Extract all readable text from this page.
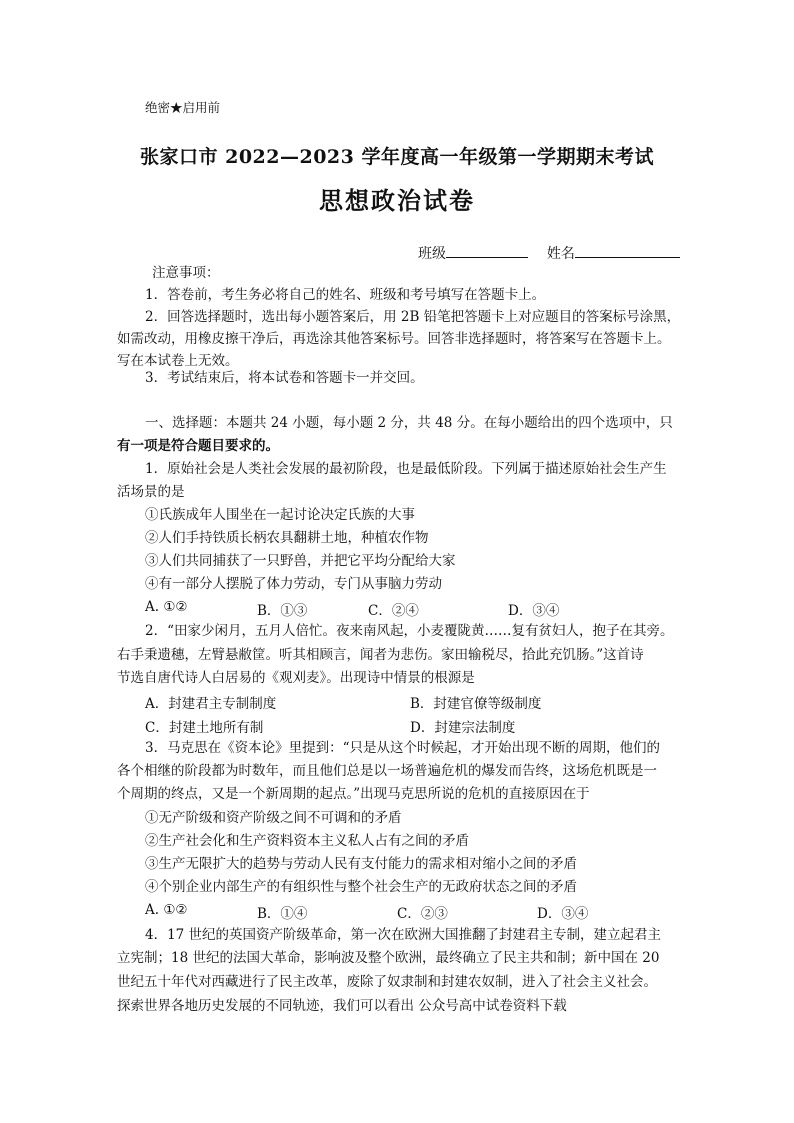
绝密★启用前
张家口市 2022—2023 学年度高一年级第一学期期末考试
思想政治试卷
班级	姓名
注意事项：
1．答卷前，考生务必将自己的姓名、班级和考号填写在答题卡上。
2．回答选择题时，选出每小题答案后，用 2B 铅笔把答题卡上对应题目的答案标号涂黑，
如需改动，用橡皮擦干净后，再选涂其他答案标号。回答非选择题时，将答案写在答题卡上。
写在本试卷上无效。
3．考试结束后，将本试卷和答题卡一并交回。
一、选择题：本题共 24 小题，每小题 2 分，共 48 分。在每小题给出的四个选项中，只
有一项是符合题目要求的。
1．原始社会是人类社会发展的最初阶段，也是最低阶段。下列属于描述原始社会生产生
活场景的是
①氏族成年人围坐在一起讨论决定氏族的大事
②人们手持铁质长柄农具翻耕土地，种植农作物
③人们共同捕获了一只野兽，并把它平均分配给大家
④有一部分人摆脱了体力劳动，专门从事脑力劳动
A. ①②	B．①③	C．②④	D．③④
2．“田家少闲月，五月人倍忙。夜来南风起，小麦覆陇黄……复有贫妇人，抱子在其旁。
右手秉遗穗，左臂悬敝筐。听其相顾言，闻者为悲伤。家田输税尽，拾此充饥肠。”这首诗
节选自唐代诗人白居易的《观刈麦》。出现诗中情景的根源是
A．封建君主专制制度	B．封建官僚等级制度
C．封建土地所有制	D．封建宗法制度
3．马克思在《资本论》里提到：“只是从这个时候起，才开始出现不断的周期，他们的
各个相继的阶段都为时数年，而且他们总是以一场普遍危机的爆发而告终，这场危机既是一
个周期的终点，又是一个新周期的起点。”出现马克思所说的危机的直接原因在于
①无产阶级和资产阶级之间不可调和的矛盾
②生产社会化和生产资料资本主义私人占有之间的矛盾
③生产无限扩大的趋势与劳动人民有支付能力的需求相对缩小之间的矛盾
④个别企业内部生产的有组织性与整个社会生产的无政府状态之间的矛盾
A. ①②	B．①④	C．②③	D．③④
4．17 世纪的英国资产阶级革命，第一次在欧洲大国推翻了封建君主专制，建立起君主
立宪制；18 世纪的法国大革命，影响波及整个欧洲，最终确立了民主共和制；新中国在 20
世纪五十年代对西藏进行了民主改革，废除了奴隶制和封建农奴制，进入了社会主义社会。
探索世界各地历史发展的不同轨迹，我们可以看出 公众号高中试卷资料下载
